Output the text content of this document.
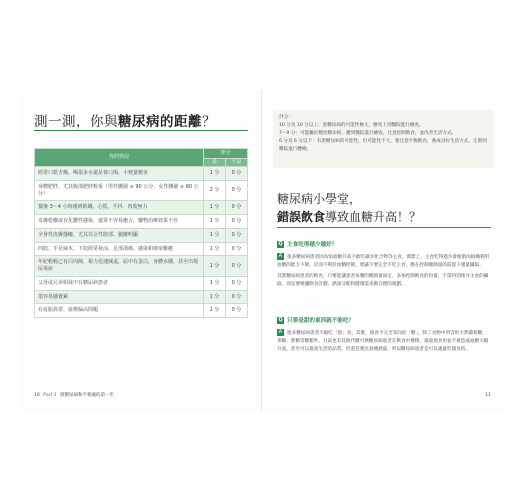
測一測，你與糖尿病的距離？
你的情況	評分	
	是	不是
經常口乾舌燥，喝很多水還是會口渴，小便量變多	1 分	0 分
身體肥胖，尤其腹部肥胖較重（男性腰圍 ≥ 90 公分，女性腰圍 ≥ 80 公分）	2 分	0 分
餐後 3～4 小時感到飢餓、心慌、手抖、四肢無力	1 分	0 分
皮膚乾癢或有化膿性感染，還常不容易癒合，藥物治療效果不佳	1 分	0 分
全身性皮膚搔癢，尤其以女性陰部、腿癢明顯	1 分	0 分
四肢、手足麻木，下肢經常發涼，足部潰瘍、感染和壞疽難癒	1 分	0 分
年紀輕輕已有白內障，視力迅速減退，屈中有蛋白，身體水腫，甚至出現尿毒症	1 分	0 分
父母或兄弟姐妹中有糖尿病患者	1 分	0 分
很容易感覺累	1 分	0 分
有血脂異常、血壓偏高問題	1 分	0 分
10 Part 1 與糖尿病和平相處的第一步
評分：
10 分及 10 分以上：患糖尿病的可能性極大，應馬上到醫院進行檢查。
7～9 分：可能屬於輕度糖尿病，應到醫院進行檢查，注意控制飲食，並改善生活方式。
6 分及 6 分以下：有患糖尿病的可能性，但可能性不大，要注意平衡飲食，養成良好生活方式，定期到醫院進行體檢。
糖尿病小學堂，
錯誤飲食導致血糖升高！？
Q 主食吃得越少越好？

A 很多糖尿病患者因為怕血糖升高不敢吃碳水化合物等主食，實際上，主食吃得過少會使肌肉組織利用血糖的能力下降，反而不利於血糖控制，建議不要完全不吃主食，應在控制總熱量的前提下適量攝取。

其實糖尿病患者的飲食，只要能讓患者每餐的總熱量固定，多加控制飲食的份量，不需特別排斥主食的攝取，而是要根據飲食計劃、熱量分配和健康需求做合理的規劃。

Q 只要是甜的東西就不能吃？

A 很多糖尿病患者不敢吃「甜」食，其實，甜食不完全等同於「糖」，除了食物中所含的天然葡萄糖、果糖、蔗糖等糖類外，目前也有其他代糖可供糖尿病患者在飲食中選擇，適量地食用並不會造成血糖大幅升高，甚至可以提高生活的品質，但還是要注意總熱量，所以糖尿病患者是可以適量吃甜食的。

11
